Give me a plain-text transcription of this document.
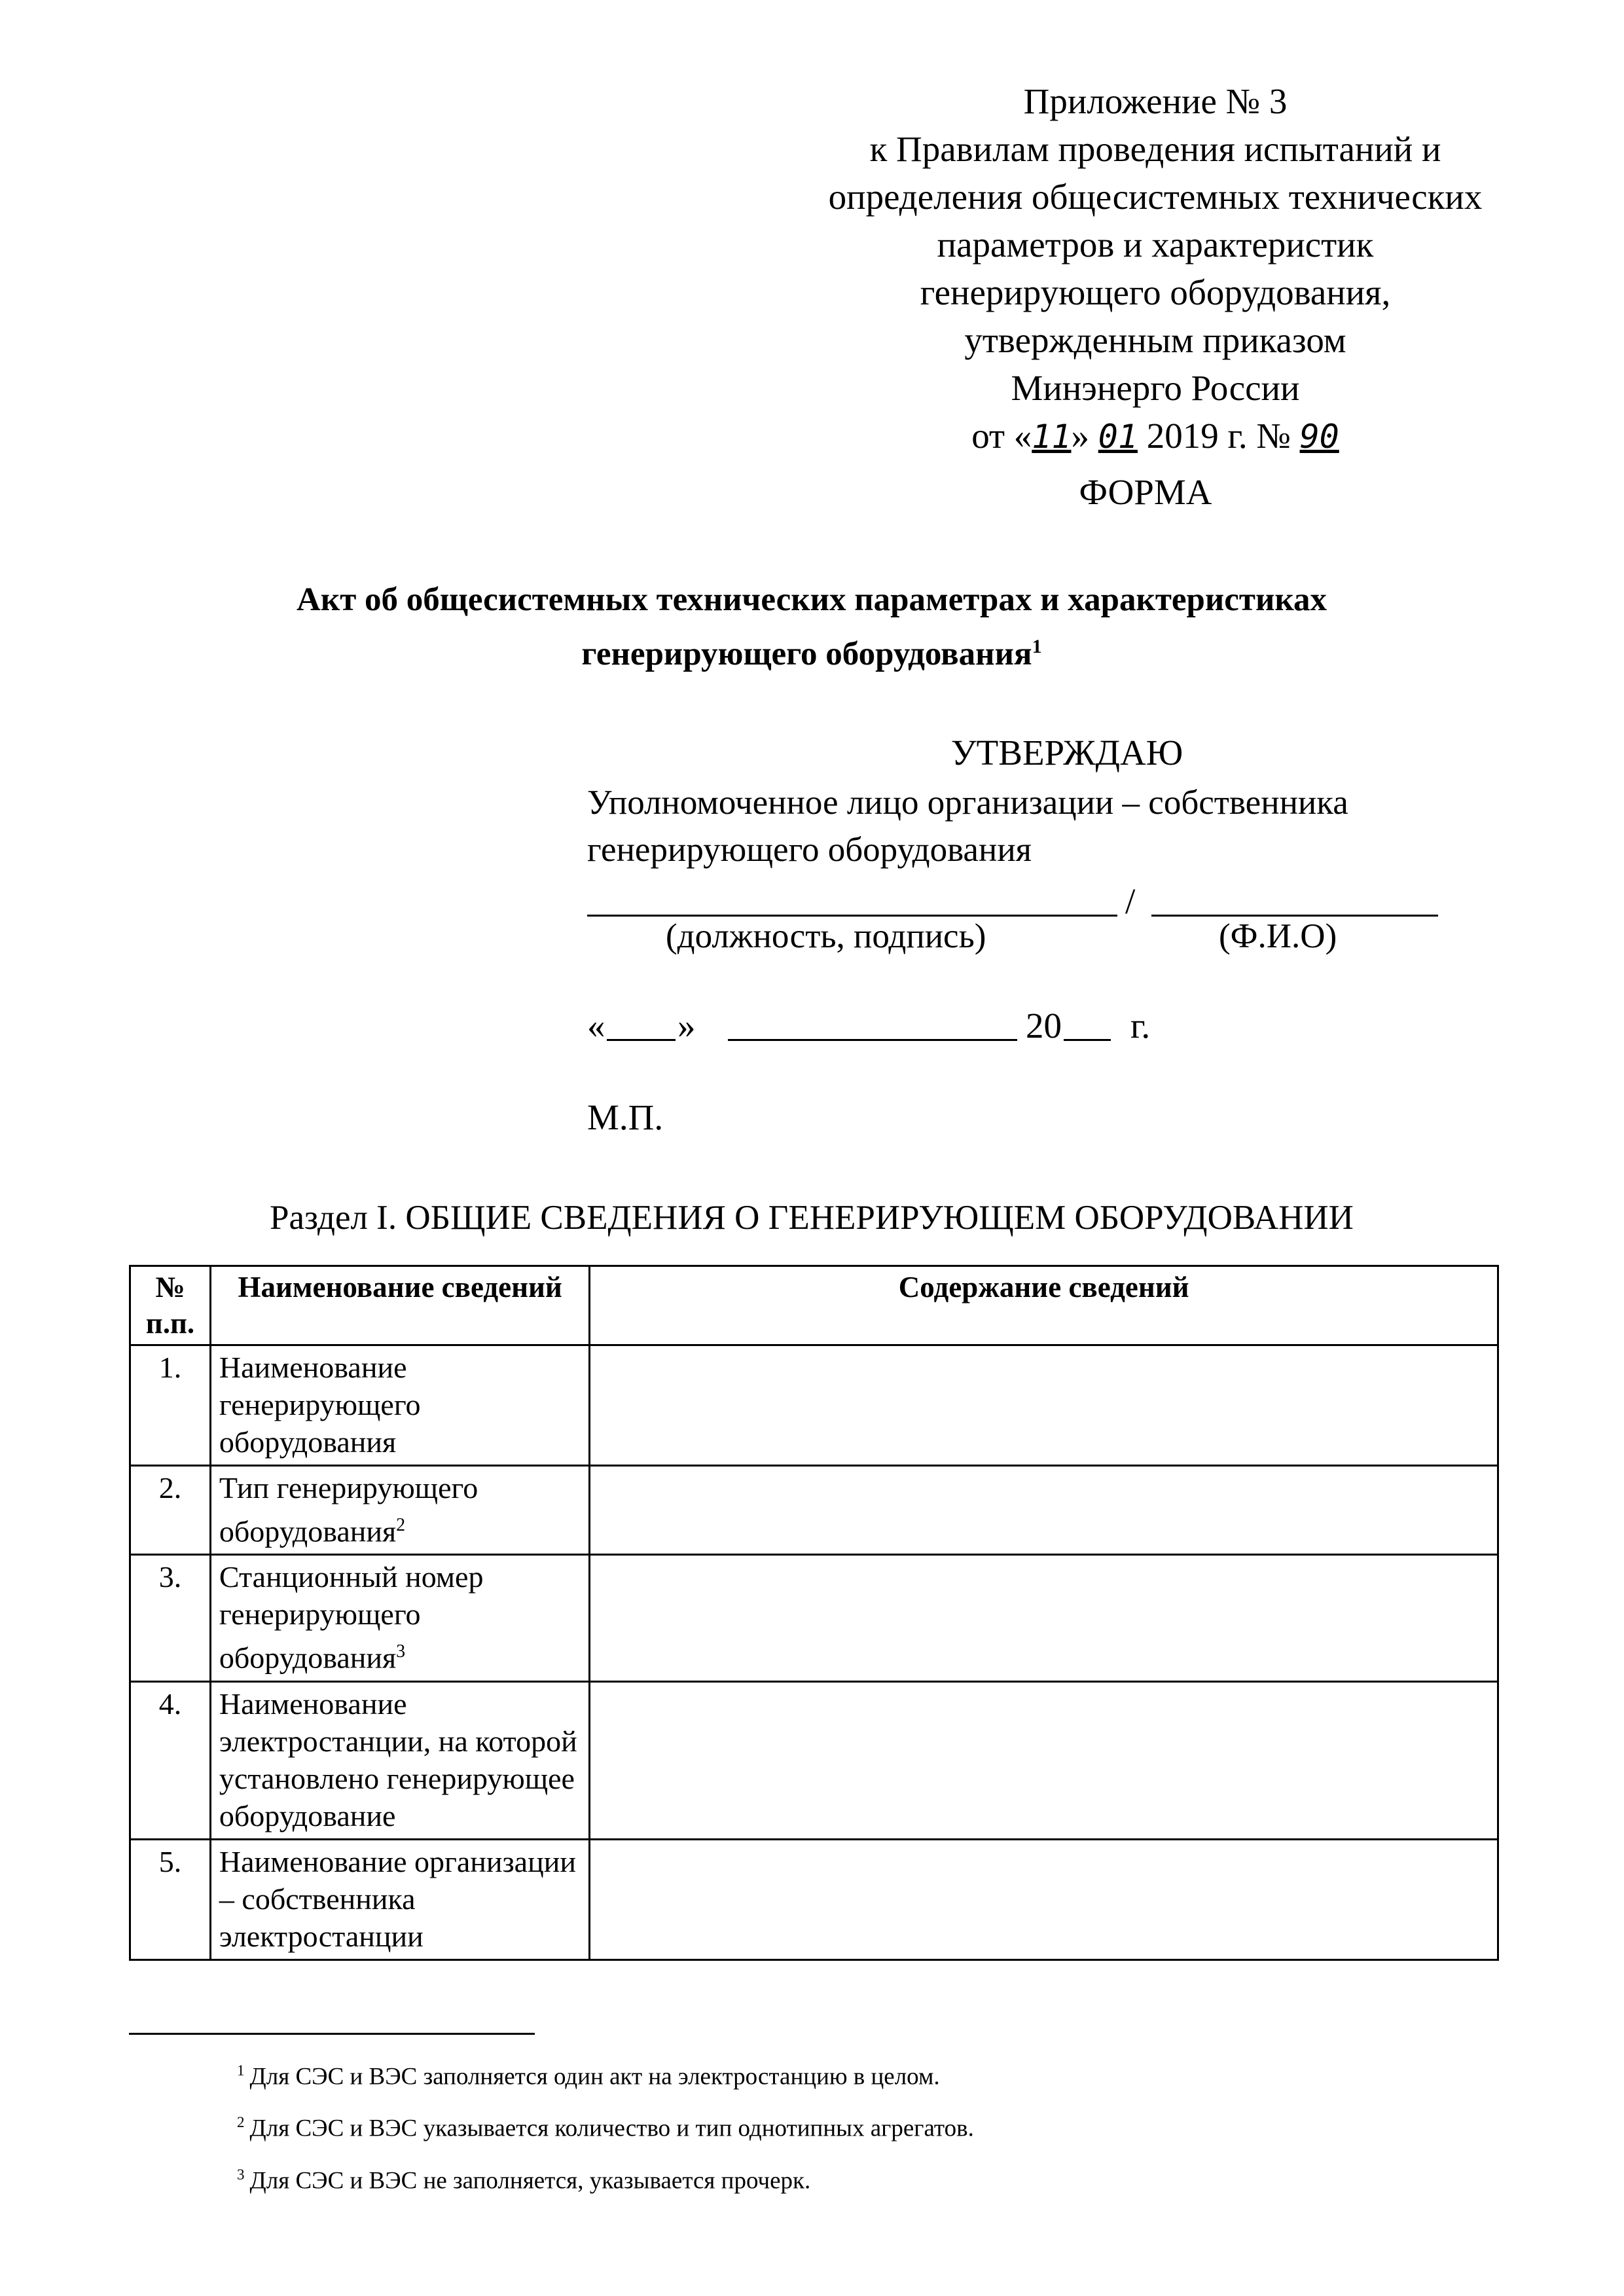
Приложение № 3
к Правилам проведения испытаний и
определения общесистемных технических
параметров и характеристик
генерирующего оборудования,
утвержденным приказом
Минэнерго России
от «11» 01 2019 г. № 90
ФОРМА
Акт об общесистемных технических параметрах и характеристиках
генерирующего оборудования$^1$
УТВЕРЖДАЮ
Уполномоченное лицо организации – собственника
генерирующего оборудования
/
(должность, подпись)	(Ф.И.О)
« »	20 г.
М.П.
Раздел I. ОБЩИЕ СВЕДЕНИЯ О ГЕНЕРИРУЮЩЕМ ОБОРУДОВАНИИ
№
п.п.	Наименование сведений	Содержание сведений
1.	Наименование генерирующего оборудования	
2.	Тип генерирующего оборудования$^2$	
3.	Станционный номер генерирующего оборудования$^3$	
4.	Наименование электростанции, на которой установлено генерирующее оборудование	
5.	Наименование организации – собственника электростанции	
$^1$ Для СЭС и ВЭС заполняется один акт на электростанцию в целом.
$^2$ Для СЭС и ВЭС указывается количество и тип однотипных агрегатов.
$^3$ Для СЭС и ВЭС не заполняется, указывается прочерк.
